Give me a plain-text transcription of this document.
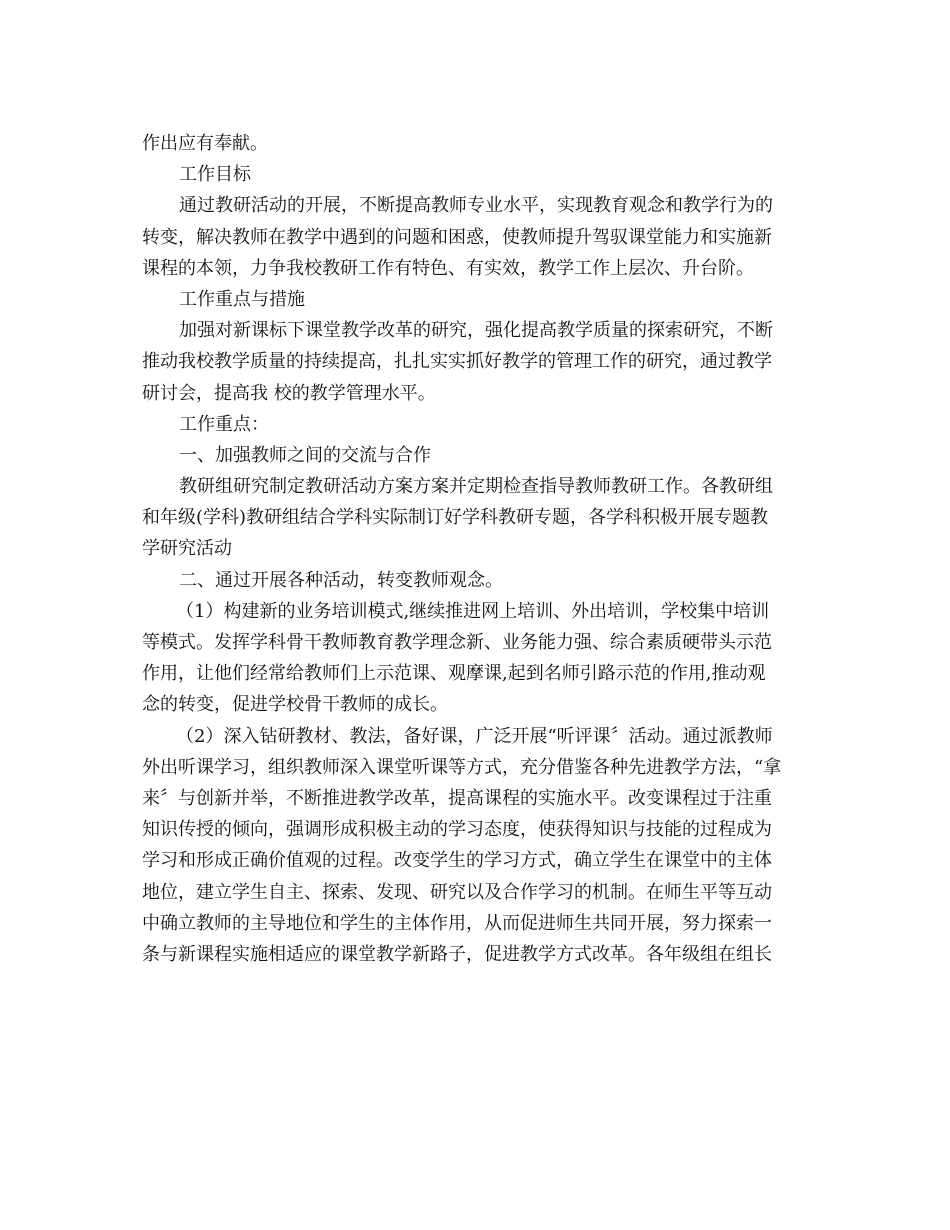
作出应有奉献。
工作目标
通过教研活动的开展，不断提高教师专业水平，实现教育观念和教学行为的
转变，解决教师在教学中遇到的问题和困惑，使教师提升驾驭课堂能力和实施新
课程的本领，力争我校教研工作有特色、有实效，教学工作上层次、升台阶。
工作重点与措施
加强对新课标下课堂教学改革的研究，强化提高教学质量的探索研究，不断
推动我校教学质量的持续提高，扎扎实实抓好教学的管理工作的研究，通过教学
研讨会，提高我 校的教学管理水平。
工作重点：
一、加强教师之间的交流与合作
教研组研究制定教研活动方案方案并定期检查指导教师教研工作。各教研组
和年级(学科)教研组结合学科实际制订好学科教研专题，各学科积极开展专题教
学研究活动
二、通过开展各种活动，转变教师观念。
（1）构建新的业务培训模式,继续推进网上培训、外出培训，学校集中培训
等模式。发挥学科骨干教师教育教学理念新、业务能力强、综合素质硬带头示范
作用，让他们经常给教师们上示范课、观摩课,起到名师引路示范的作用,推动观
念的转变，促进学校骨干教师的成长。
（2）深入钻研教材、教法，备好课，广泛开展“听评课〞活动。通过派教师
外出听课学习，组织教师深入课堂听课等方式，充分借鉴各种先进教学方法，“拿
来〞与创新并举，不断推进教学改革，提高课程的实施水平。改变课程过于注重
知识传授的倾向，强调形成积极主动的学习态度，使获得知识与技能的过程成为
学习和形成正确价值观的过程。改变学生的学习方式，确立学生在课堂中的主体
地位，建立学生自主、探索、发现、研究以及合作学习的机制。在师生平等互动
中确立教师的主导地位和学生的主体作用，从而促进师生共同开展，努力探索一
条与新课程实施相适应的课堂教学新路子，促进教学方式改革。各年级组在组长
